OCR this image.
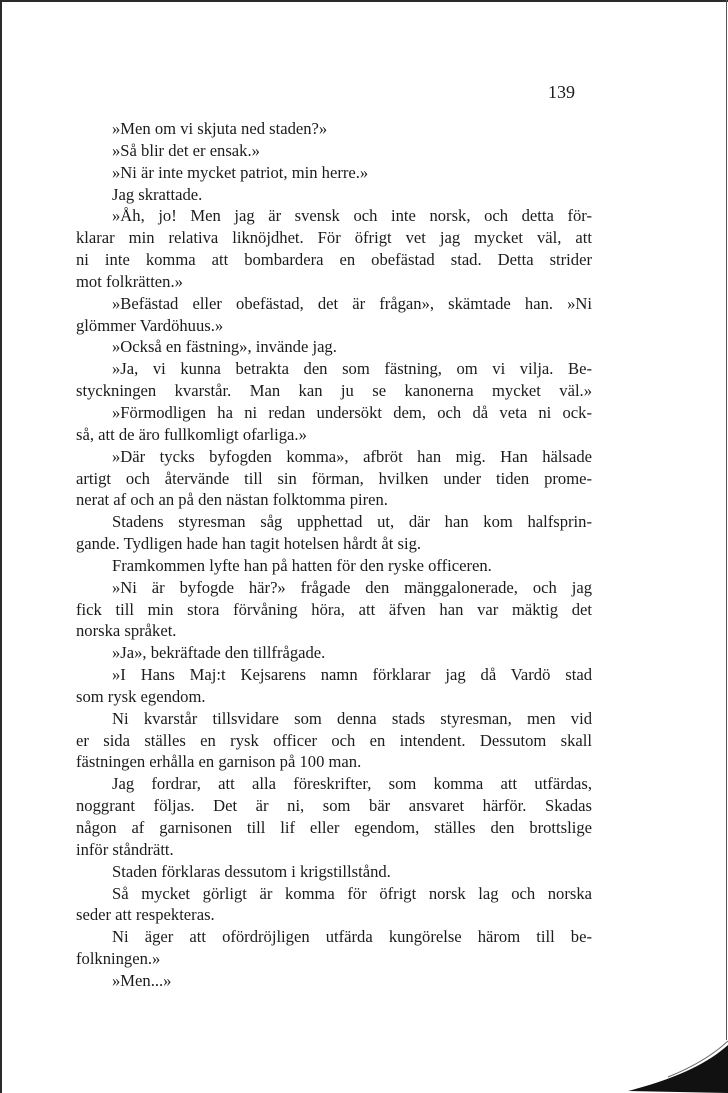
139
»Men om vi skjuta ned staden?»
»Så blir det er ensak.»
»Ni är inte mycket patriot, min herre.»
Jag skrattade.
»Åh, jo! Men jag är svensk och inte norsk, och detta för-
klarar min relativa liknöjdhet. För öfrigt vet jag mycket väl, att
ni inte komma att bombardera en obefästad stad. Detta strider
mot folkrätten.»
»Befästad eller obefästad, det är frågan», skämtade han. »Ni
glömmer Vardöhuus.»
»Också en fästning», invände jag.
»Ja, vi kunna betrakta den som fästning, om vi vilja. Be-
styckningen kvarstår. Man kan ju se kanonerna mycket väl.»
»Förmodligen ha ni redan undersökt dem, och då veta ni ock-
så, att de äro fullkomligt ofarliga.»
»Där tycks byfogden komma», afbröt han mig. Han hälsade
artigt och återvände till sin förman, hvilken under tiden prome-
nerat af och an på den nästan folktomma piren.
Stadens styresman såg upphettad ut, där han kom halfsprin-
gande. Tydligen hade han tagit hotelsen hårdt åt sig.
Framkommen lyfte han på hatten för den ryske officeren.
»Ni är byfogde här?» frågade den mänggalonerade, och jag
fick till min stora förvåning höra, att äfven han var mäktig det
norska språket.
»Ja», bekräftade den tillfrågade.
»I Hans Maj:t Kejsarens namn förklarar jag då Vardö stad
som rysk egendom.
Ni kvarstår tillsvidare som denna stads styresman, men vid
er sida ställes en rysk officer och en intendent. Dessutom skall
fästningen erhålla en garnison på 100 man.
Jag fordrar, att alla föreskrifter, som komma att utfärdas,
noggrant följas. Det är ni, som bär ansvaret härför. Skadas
någon af garnisonen till lif eller egendom, ställes den brottslige
inför ståndrätt.
Staden förklaras dessutom i krigstillstånd.
Så mycket görligt är komma för öfrigt norsk lag och norska
seder att respekteras.
Ni äger att ofördröjligen utfärda kungörelse härom till be-
folkningen.»
»Men...»
